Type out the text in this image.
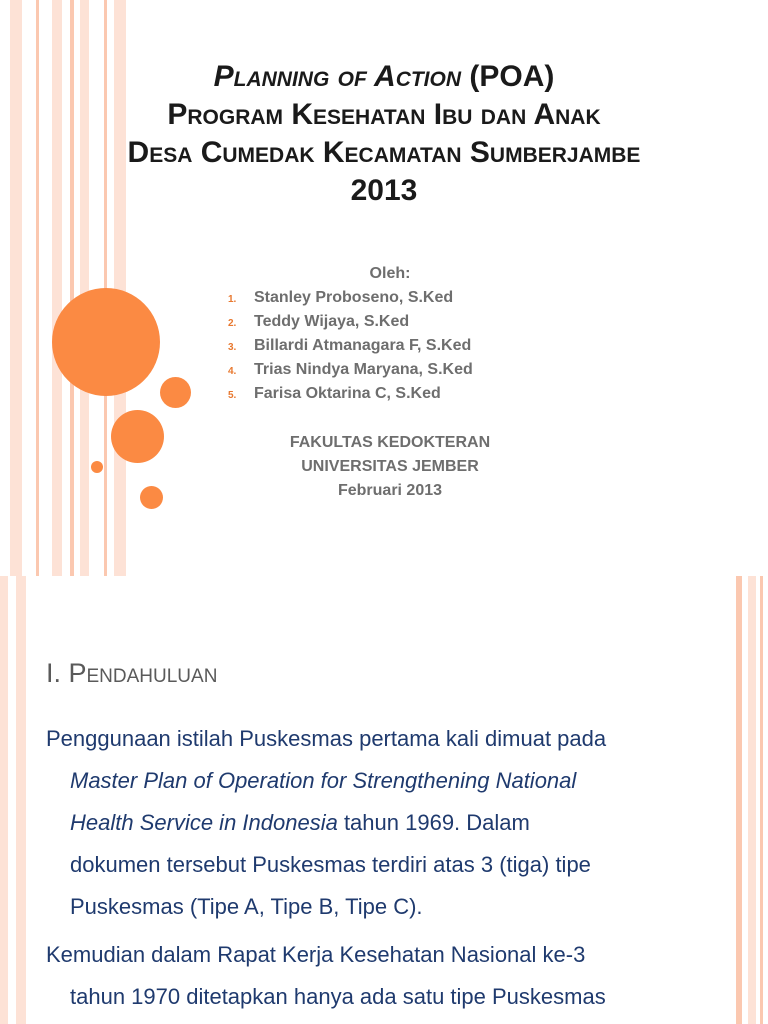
Planning of Action (POA)
Program Kesehatan Ibu dan Anak
Desa Cumedak Kecamatan Sumberjambe
2013
Oleh:
1.	Stanley Proboseno, S.Ked
2.	Teddy Wijaya, S.Ked
3.	Billardi Atmanagara F, S.Ked
4.	Trias Nindya Maryana, S.Ked
5.	Farisa Oktarina C, S.Ked
FAKULTAS KEDOKTERAN
UNIVERSITAS JEMBER
Februari 2013
I. Pendahuluan
Penggunaan istilah Puskesmas pertama kali dimuat pada
Master Plan of Operation for Strengthening National
Health Service in Indonesia tahun 1969. Dalam
dokumen tersebut Puskesmas terdiri atas 3 (tiga) tipe
Puskesmas (Tipe A, Tipe B, Tipe C).
Kemudian dalam Rapat Kerja Kesehatan Nasional ke-3
tahun 1970 ditetapkan hanya ada satu tipe Puskesmas
